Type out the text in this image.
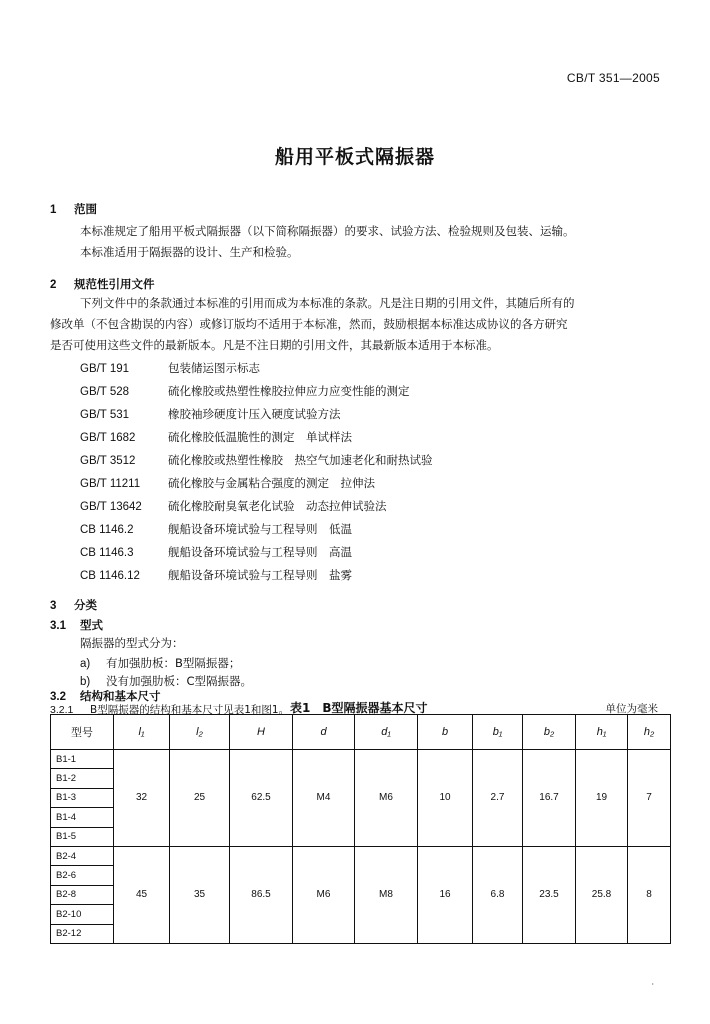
CB/T 351—2005
船用平板式隔振器
1 范围
本标准规定了船用平板式隔振器（以下简称隔振器）的要求、试验方法、检验规则及包装、运输。
本标准适用于隔振器的设计、生产和检验。
2 规范性引用文件
下列文件中的条款通过本标准的引用而成为本标准的条款。凡是注日期的引用文件，其随后所有的
修改单（不包含勘误的内容）或修订版均不适用于本标准，然而，鼓励根据本标准达成协议的各方研究
是否可使用这些文件的最新版本。凡是不注日期的引用文件，其最新版本适用于本标准。
GB/T 191	包装储运图示标志
GB/T 528	硫化橡胶或热塑性橡胶拉伸应力应变性能的测定
GB/T 531	橡胶袖珍硬度计压入硬度试验方法
GB/T 1682	硫化橡胶低温脆性的测定　单试样法
GB/T 3512	硫化橡胶或热塑性橡胶　热空气加速老化和耐热试验
GB/T 11211 硫化橡胶与金属粘合强度的测定　拉伸法
GB/T 13642 硫化橡胶耐臭氧老化试验　动态拉伸试验法
CB 1146.2	舰船设备环境试验与工程导则　低温
CB 1146.3	舰船设备环境试验与工程导则　高温
CB 1146.12 舰船设备环境试验与工程导则　盐雾
3 分类
3.1 型式
隔振器的型式分为：
a) 有加强肋板：B型隔振器；
b) 没有加强肋板：C型隔振器。
3.2 结构和基本尺寸
3.2.1 B型隔振器的结构和基本尺寸见表1和图1。 表1　B型隔振器基本尺寸	单位为毫米
型号	l₁	l₂	H	d	d₁	b	b₁	b₂	h₁	h₂
B1-1	32	25	62.5	M4	M6	10	2.7	16.7	19	7
B1-2										
B1-3										
B1-4										
B1-5										
B2-4	45	35	86.5	M6	M8	16	6.8	23.5	25.8	8
B2-6										
B2-8										
B2-10										
B2-12										
·
